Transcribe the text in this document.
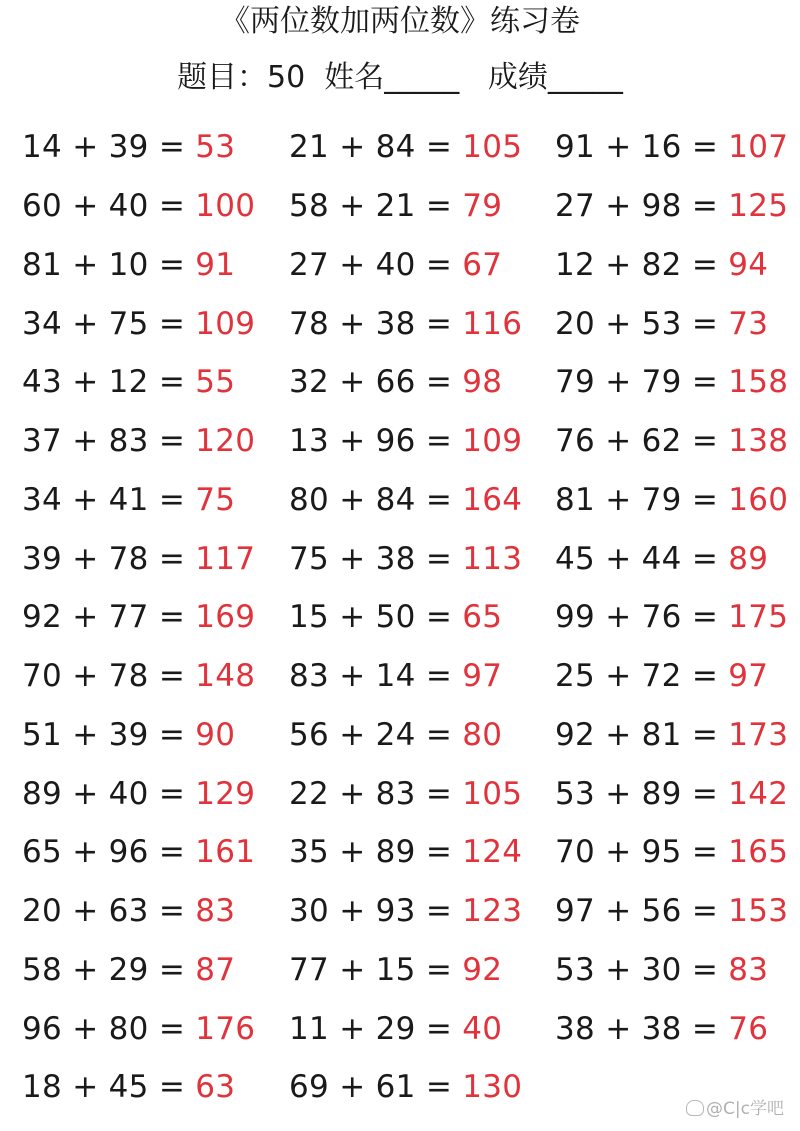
《两位数加两位数》练习卷
题目：50  姓名_____   成绩_____
14 + 39 = 53	21 + 84 = 105	91 + 16 = 107
60 + 40 = 100	58 + 21 = 79	27 + 98 = 125
81 + 10 = 91	27 + 40 = 67	12 + 82 = 94
34 + 75 = 109	78 + 38 = 116	20 + 53 = 73
43 + 12 = 55	32 + 66 = 98	79 + 79 = 158
37 + 83 = 120	13 + 96 = 109	76 + 62 = 138
34 + 41 = 75	80 + 84 = 164	81 + 79 = 160
39 + 78 = 117	75 + 38 = 113	45 + 44 = 89
92 + 77 = 169	15 + 50 = 65	99 + 76 = 175
70 + 78 = 148	83 + 14 = 97	25 + 72 = 97
51 + 39 = 90	56 + 24 = 80	92 + 81 = 173
89 + 40 = 129	22 + 83 = 105	53 + 89 = 142
65 + 96 = 161	35 + 89 = 124	70 + 95 = 165
20 + 63 = 83	30 + 93 = 123	97 + 56 = 153
58 + 29 = 87	77 + 15 = 92	53 + 30 = 83
96 + 80 = 176	11 + 29 = 40	38 + 38 = 76
18 + 45 = 63	69 + 61 = 130
@C|c学吧
